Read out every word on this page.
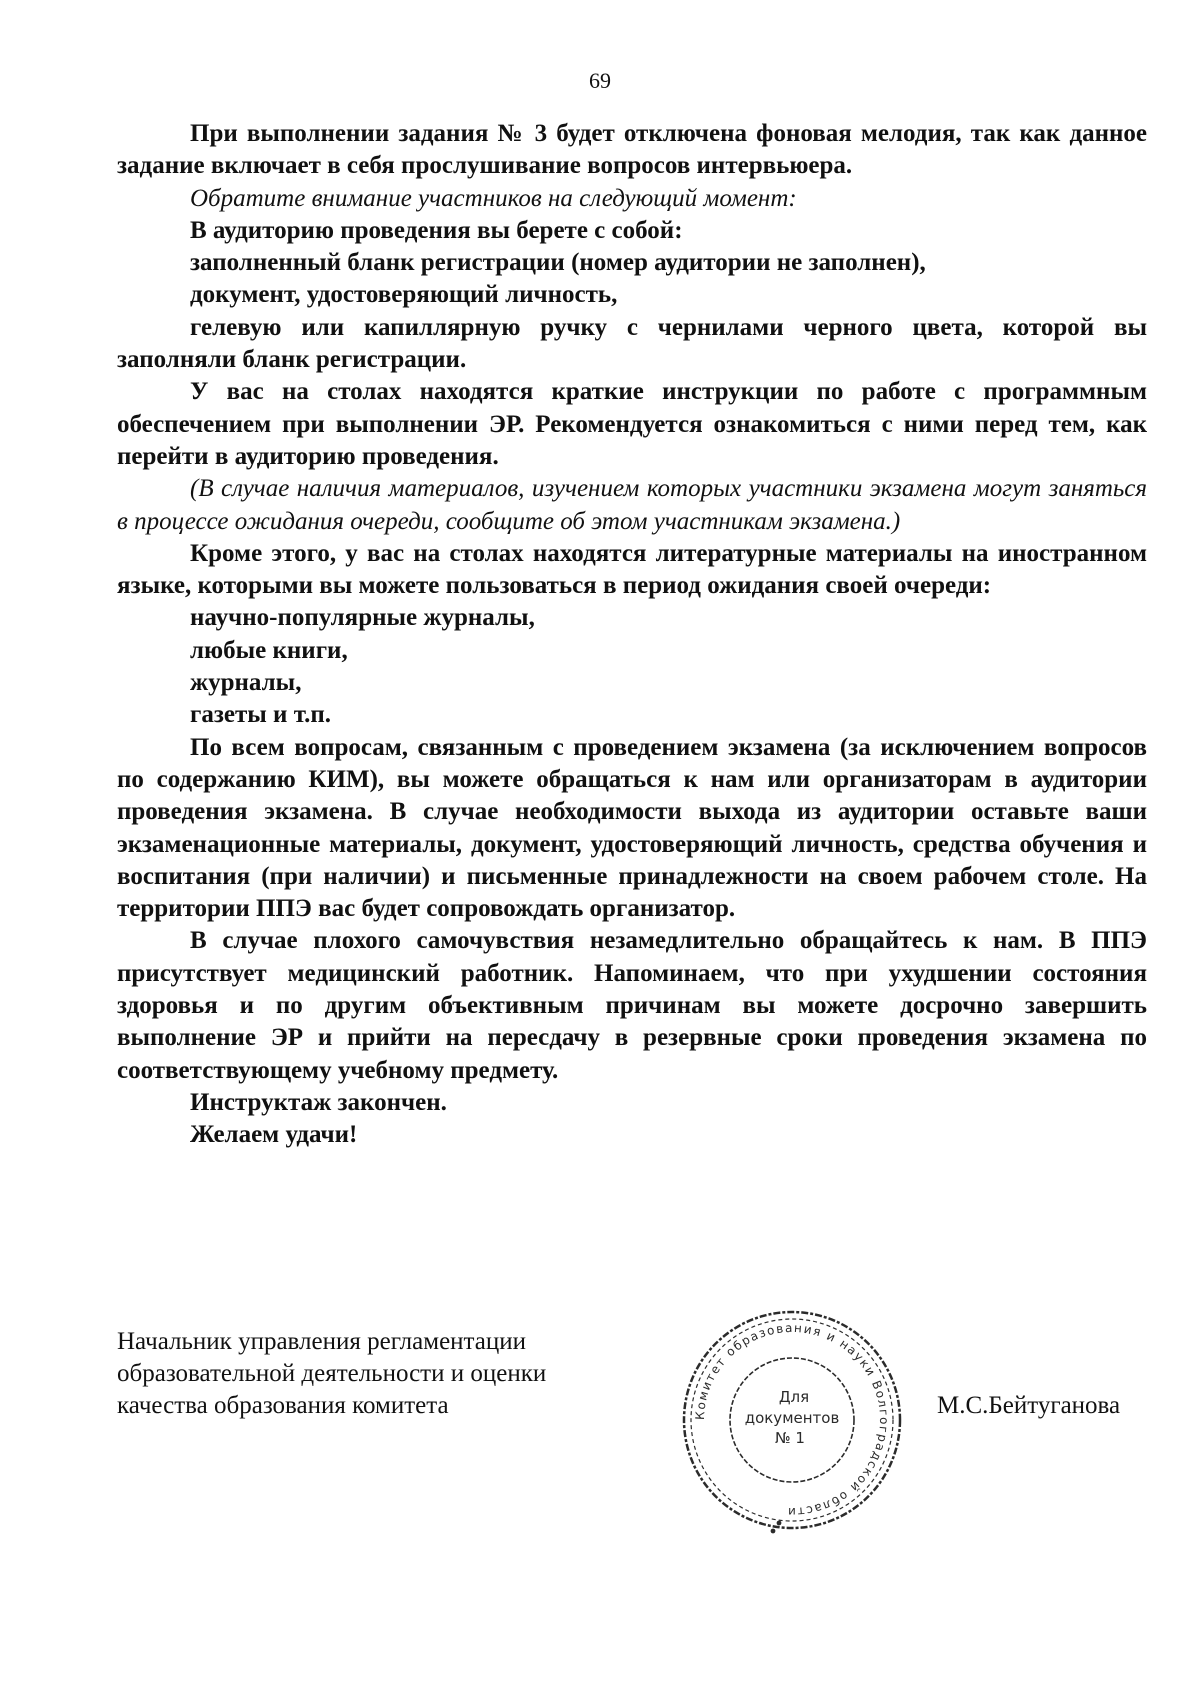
69

При выполнении задания № 3 будет отключена фоновая мелодия, так как данное задание включает в себя прослушивание вопросов интервьюера.

Обратите внимание участников на следующий момент:

В аудиторию проведения вы берете с собой:

заполненный бланк регистрации (номер аудитории не заполнен),

документ, удостоверяющий личность,

гелевую или капиллярную ручку с чернилами черного цвета, которой вы заполняли бланк регистрации.

У вас на столах находятся краткие инструкции по работе с программным обеспечением при выполнении ЭР. Рекомендуется ознакомиться с ними перед тем, как перейти в аудиторию проведения.

(В случае наличия материалов, изучением которых участники экзамена могут заняться в процессе ожидания очереди, сообщите об этом участникам экзамена.)

Кроме этого, у вас на столах находятся литературные материалы на иностранном языке, которыми вы можете пользоваться в период ожидания своей очереди:

научно-популярные журналы,

любые книги,

журналы,

газеты и т.п.

По всем вопросам, связанным с проведением экзамена (за исключением вопросов по содержанию КИМ), вы можете обращаться к нам или организаторам в аудитории проведения экзамена. В случае необходимости выхода из аудитории оставьте ваши экзаменационные материалы, документ, удостоверяющий личность, средства обучения и воспитания (при наличии) и письменные принадлежности на своем рабочем столе. На территории ППЭ вас будет сопровождать организатор.

В случае плохого самочувствия незамедлительно обращайтесь к нам. В ППЭ присутствует медицинский работник. Напоминаем, что при ухудшении состояния здоровья и по другим объективным причинам вы можете досрочно завершить выполнение ЭР и прийти на пересдачу в резервные сроки проведения экзамена по соответствующему учебному предмету.

Инструктаж закончен.

Желаем удачи!

Начальник управления регламентации
образовательной деятельности и оценки
качества образования комитета	Комитет образования и науки Волгоградской области
Для
документов
№ 1
М.С.Бейтуганова
